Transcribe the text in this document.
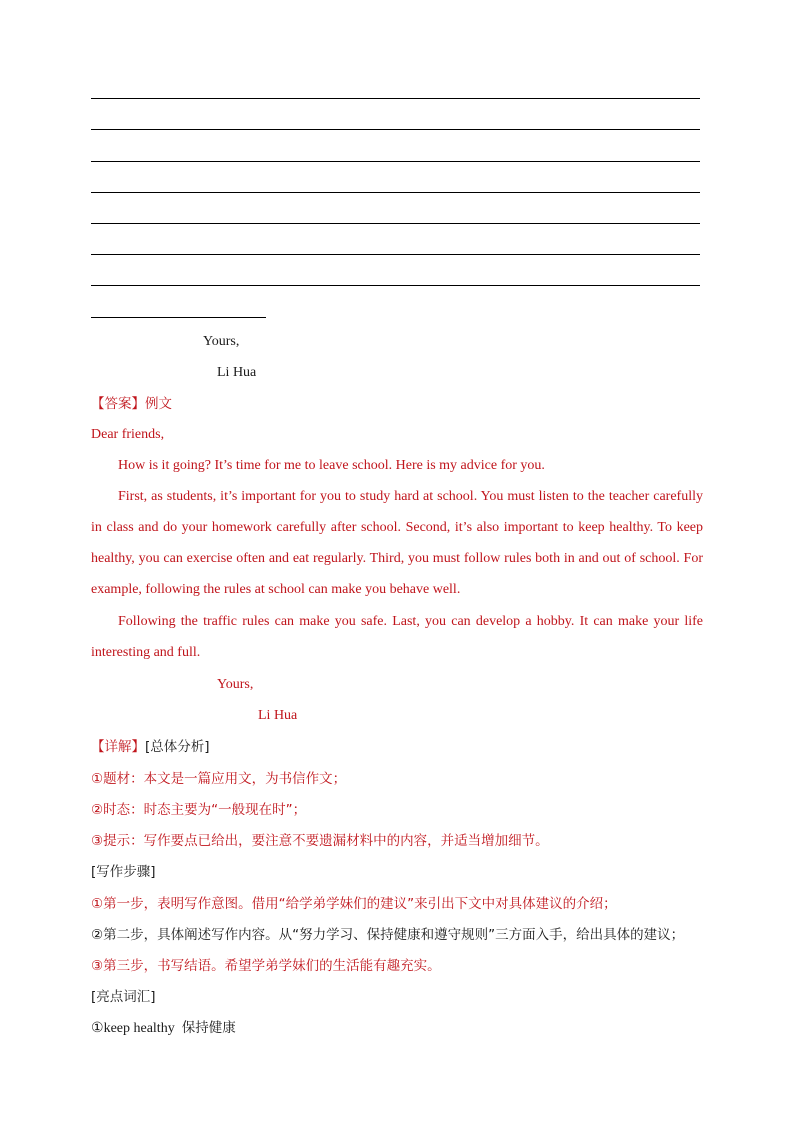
Yours,
Li Hua
【答案】例文
Dear friends,
How is it going? It’s time for me to leave school. Here is my advice for you.
First, as students, it’s important for you to study hard at school. You must listen to the teacher carefully in class and do your homework carefully after school. Second, it’s also important to keep healthy. To keep healthy, you can exercise often and eat regularly. Third, you must follow rules both in and out of school. For example, following the rules at school can make you behave well.
Following the traffic rules can make you safe. Last, you can develop a hobby. It can make your life interesting and full.
Yours,
Li Hua
【详解】[总体分析]
①题材：本文是一篇应用文，为书信作文；
②时态：时态主要为“一般现在时”；
③提示：写作要点已给出，要注意不要遗漏材料中的内容，并适当增加细节。
[写作步骤]
①第一步，表明写作意图。借用“给学弟学妹们的建议”来引出下文中对具体建议的介绍；
②第二步，具体阐述写作内容。从“努力学习、保持健康和遵守规则”三方面入手，给出具体的建议；
③第三步，书写结语。希望学弟学妹们的生活能有趣充实。
[亮点词汇]
①keep healthy 保持健康
